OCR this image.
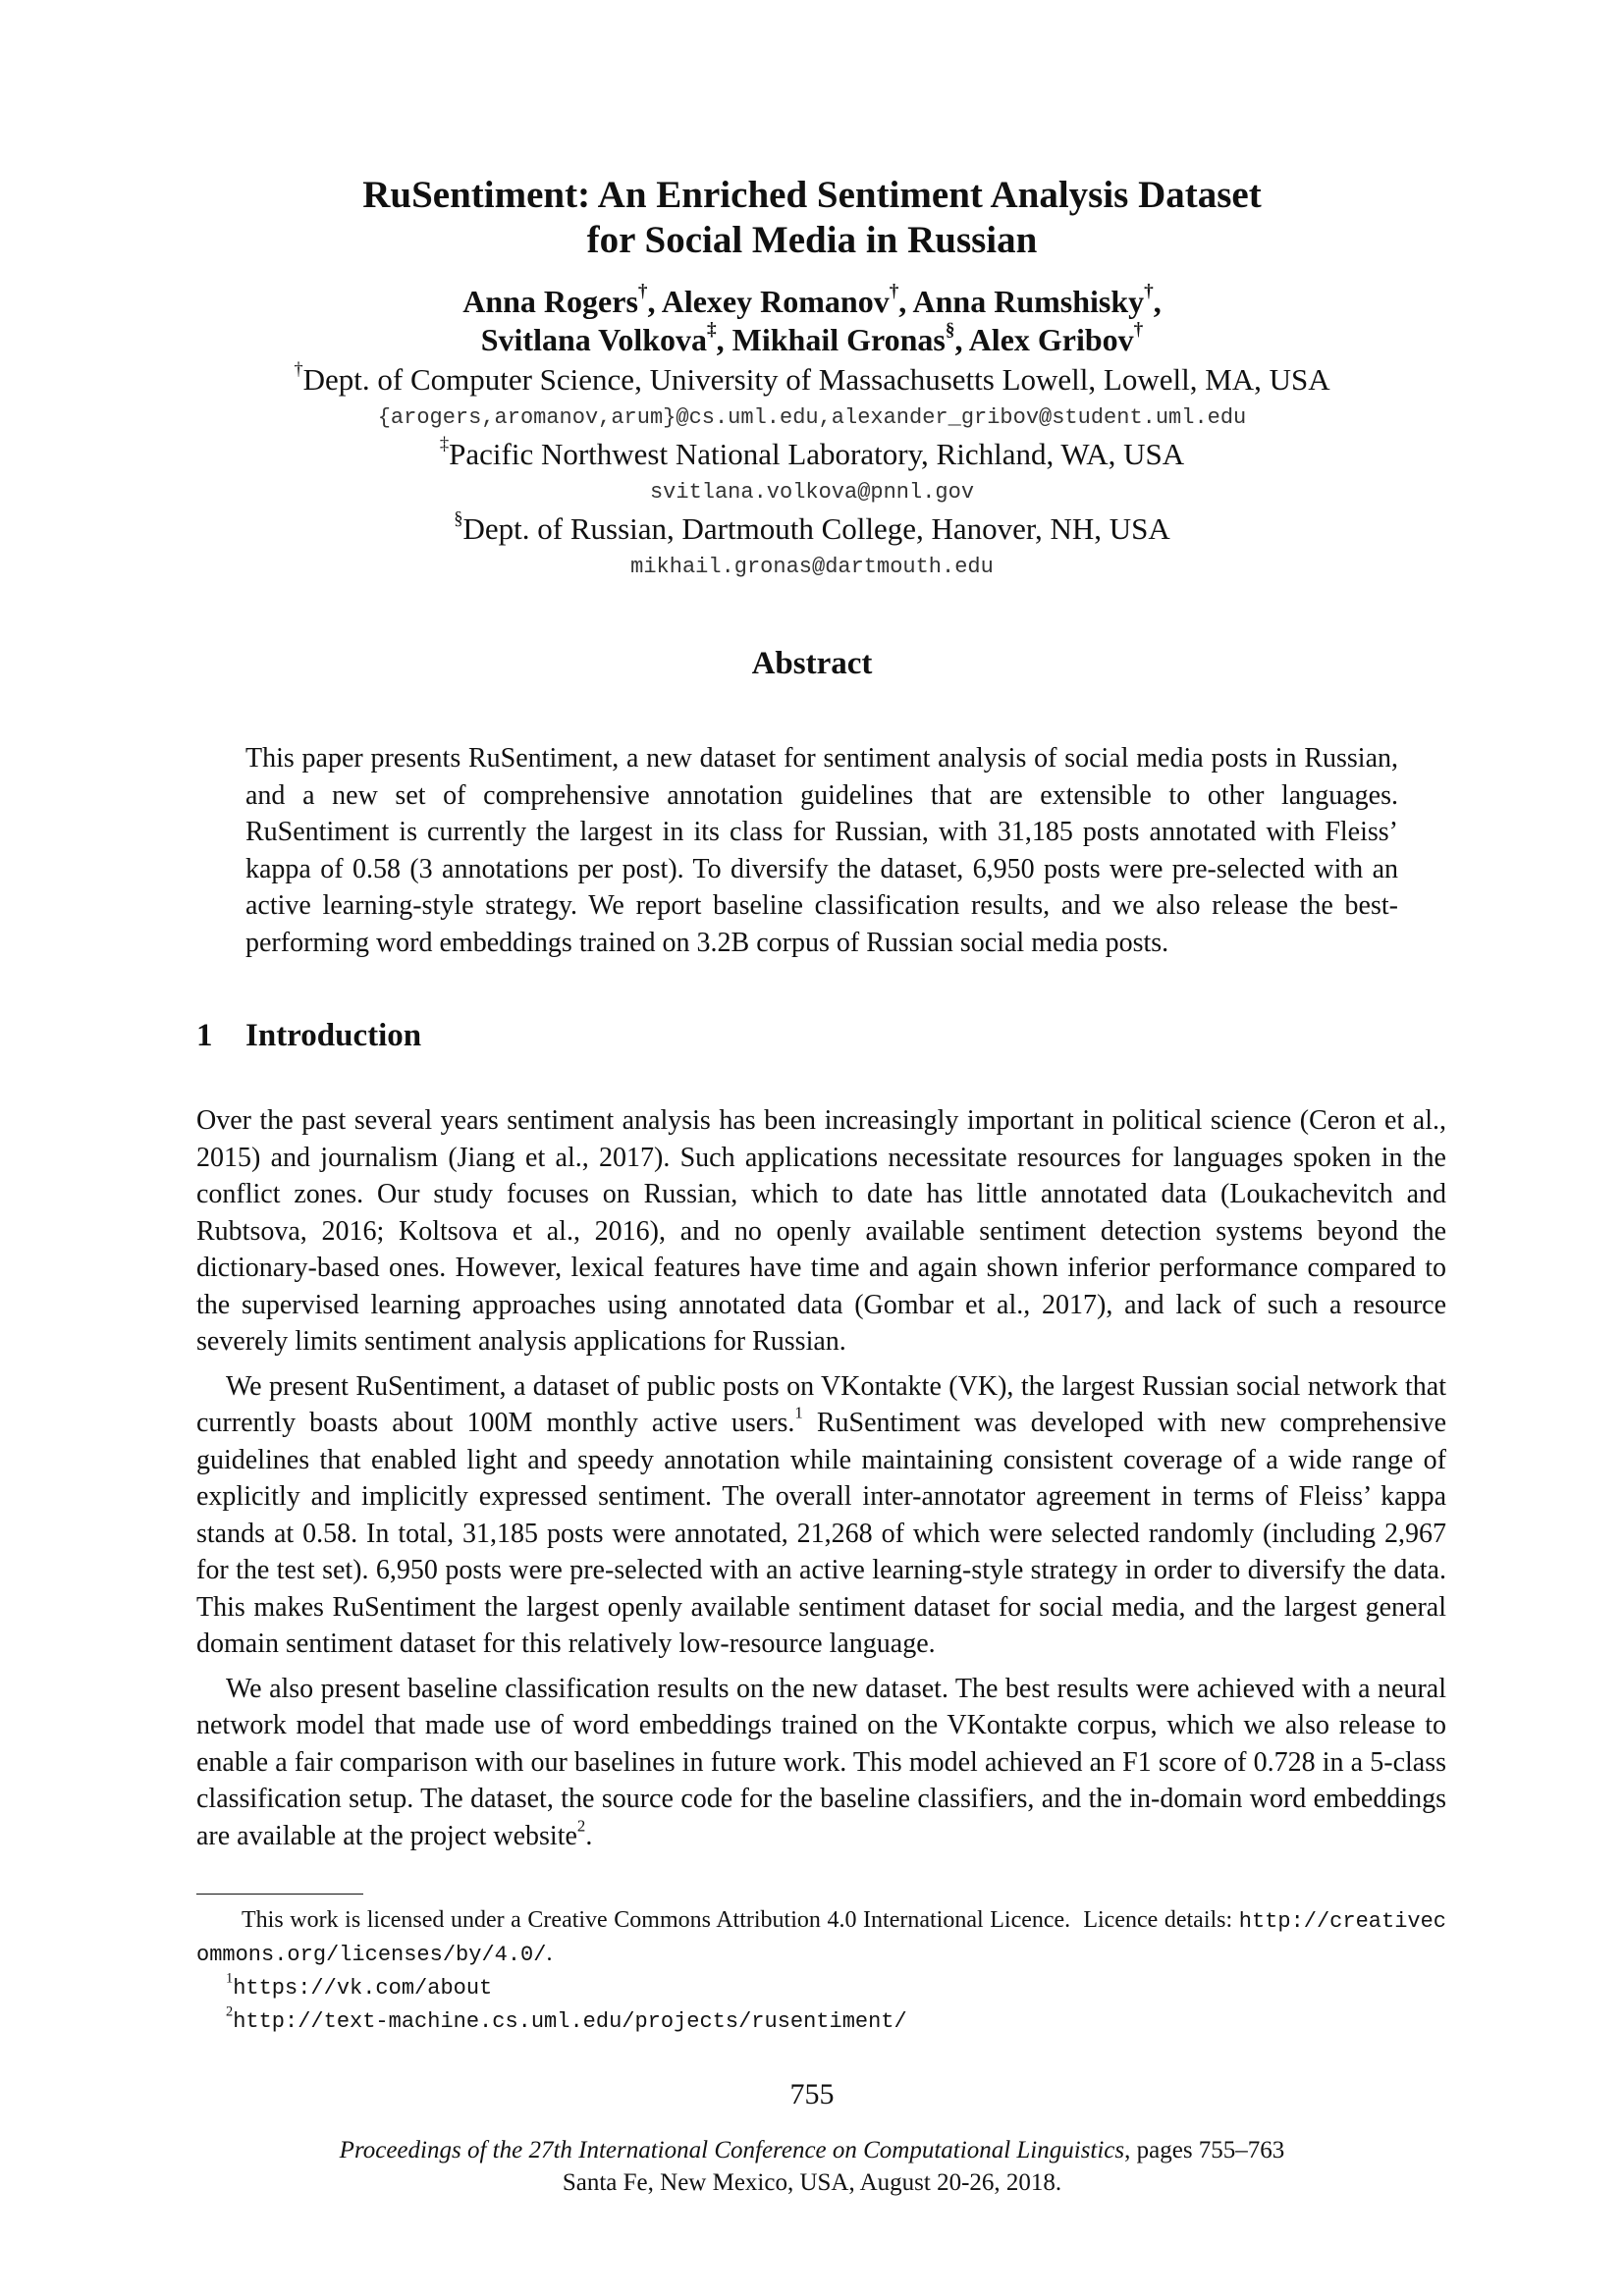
RuSentiment: An Enriched Sentiment Analysis Dataset
for Social Media in Russian
Anna Rogers†, Alexey Romanov†, Anna Rumshisky†,
Svitlana Volkova‡, Mikhail Gronas§, Alex Gribov†
†Dept. of Computer Science, University of Massachusetts Lowell, Lowell, MA, USA
{arogers,aromanov,arum}@cs.uml.edu,alexander_gribov@student.uml.edu
‡Pacific Northwest National Laboratory, Richland, WA, USA
svitlana.volkova@pnnl.gov
§Dept. of Russian, Dartmouth College, Hanover, NH, USA
mikhail.gronas@dartmouth.edu
Abstract

This paper presents RuSentiment, a new dataset for sentiment analysis of social media posts in Russian, and a new set of comprehensive annotation guidelines that are extensible to other languages. RuSentiment is currently the largest in its class for Russian, with 31,185 posts annotated with Fleiss’ kappa of 0.58 (3 annotations per post). To diversify the dataset, 6,950 posts were pre-selected with an active learning-style strategy. We report baseline classification results, and we also release the best-performing word embeddings trained on 3.2B corpus of Russian social media posts.

1 Introduction

Over the past several years sentiment analysis has been increasingly important in political science (Ceron et al., 2015) and journalism (Jiang et al., 2017). Such applications necessitate resources for languages spoken in the conflict zones. Our study focuses on Russian, which to date has little annotated data (Loukachevitch and Rubtsova, 2016; Koltsova et al., 2016), and no openly available sentiment detection systems beyond the dictionary-based ones. However, lexical features have time and again shown inferior performance compared to the supervised learning approaches using annotated data (Gombar et al., 2017), and lack of such a resource severely limits sentiment analysis applications for Russian.

We present RuSentiment, a dataset of public posts on VKontakte (VK), the largest Russian social network that currently boasts about 100M monthly active users.$^1$ RuSentiment was developed with new comprehensive guidelines that enabled light and speedy annotation while maintaining consistent coverage of a wide range of explicitly and implicitly expressed sentiment. The overall inter-annotator agreement in terms of Fleiss’ kappa stands at 0.58. In total, 31,185 posts were annotated, 21,268 of which were selected randomly (including 2,967 for the test set). 6,950 posts were pre-selected with an active learning-style strategy in order to diversify the data. This makes RuSentiment the largest openly available sentiment dataset for social media, and the largest general domain sentiment dataset for this relatively low-resource language.

We also present baseline classification results on the new dataset. The best results were achieved with a neural network model that made use of word embeddings trained on the VKontakte corpus, which we also release to enable a fair comparison with our baselines in future work. This model achieved an F1 score of 0.728 in a 5-class classification setup. The dataset, the source code for the baseline classifiers, and the in-domain word embeddings are available at the project website$^2$.

This work is licensed under a Creative Commons Attribution 4.0 International Licence.  Licence details: http://creativecommons.org/licenses/by/4.0/.

$^1$https://vk.com/about

$^2$http://text-machine.cs.uml.edu/projects/rusentiment/

755
Proceedings of the 27th International Conference on Computational Linguistics, pages 755–763
Santa Fe, New Mexico, USA, August 20-26, 2018.
